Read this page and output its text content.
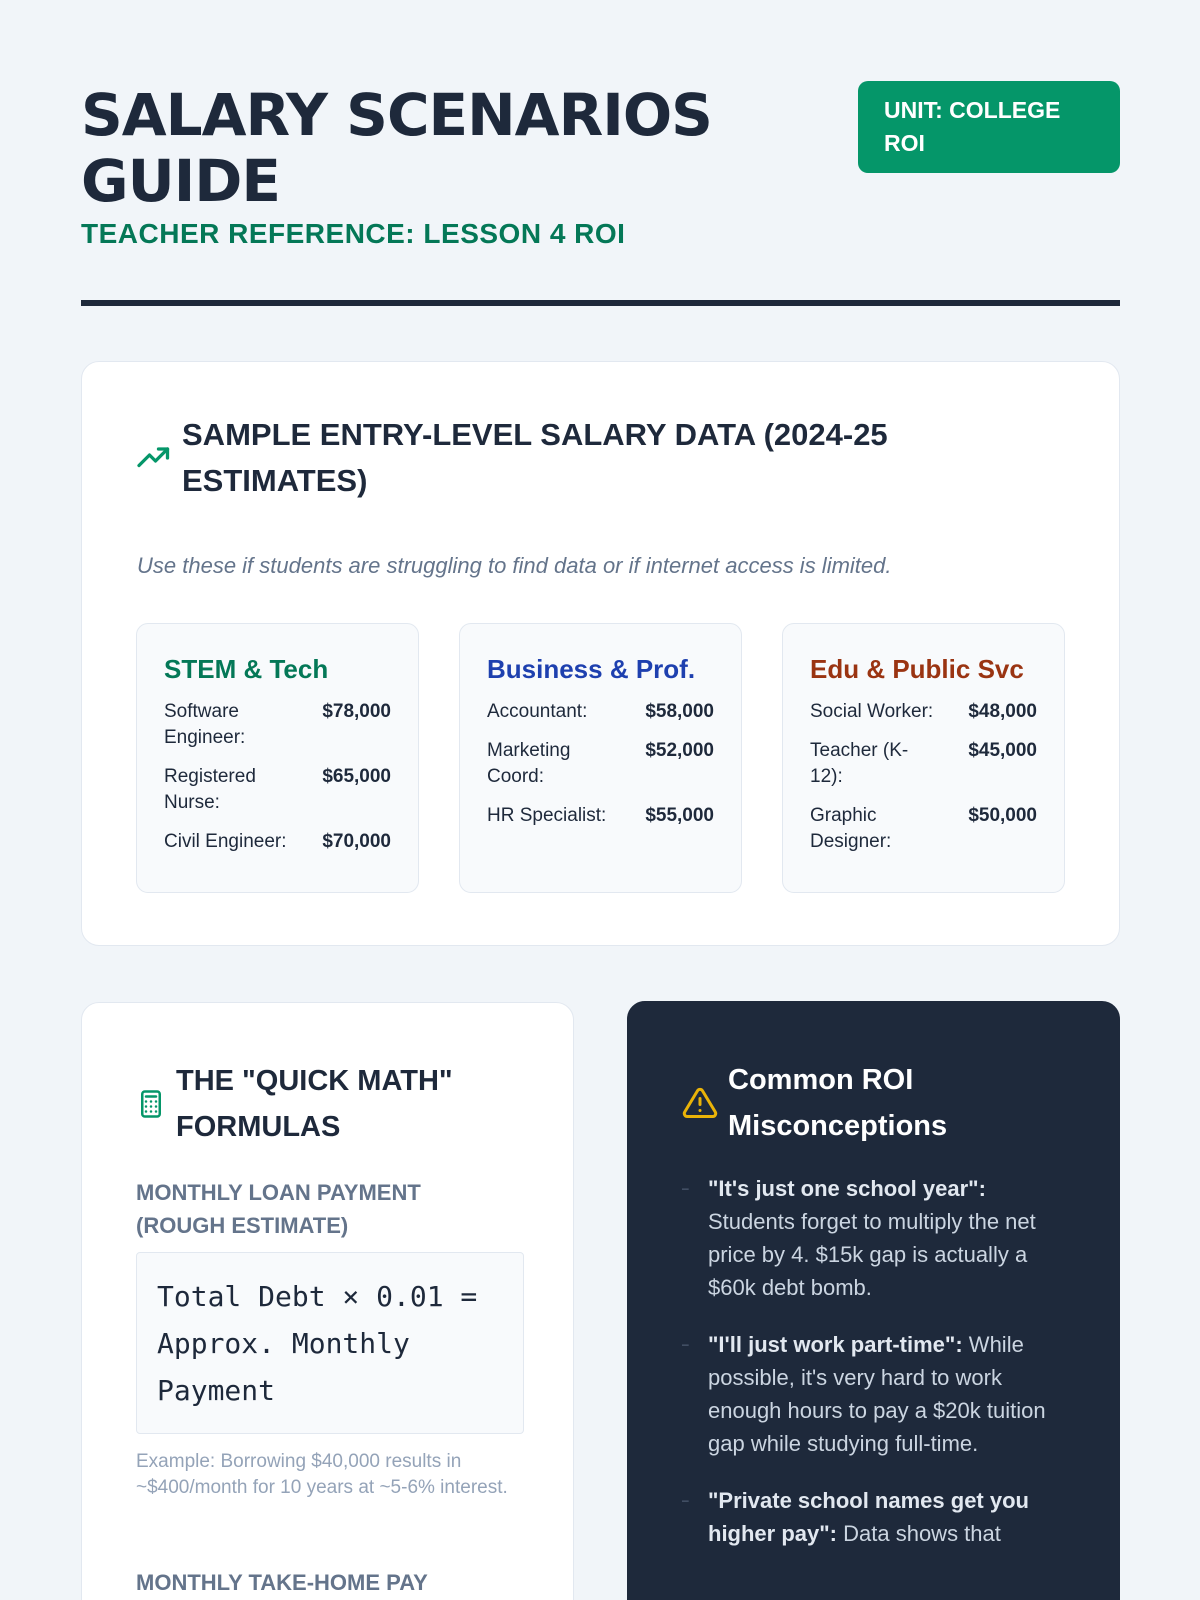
SALARY SCENARIOS GUIDE
TEACHER REFERENCE: LESSON 4 ROI
UNIT: COLLEGE ROI
SAMPLE ENTRY-LEVEL SALARY DATA (2024-25 ESTIMATES)

Use these if students are struggling to find data or if internet access is limited.

STEM & Tech
Software Engineer:
$78,000
Registered Nurse:
$65,000
Civil Engineer: $70,000
Business & Prof.
Accountant:	$58,000
Marketing Coord:
$52,000
HR Specialist: $55,000
Edu & Public Svc
Social Worker: $48,000
Teacher (K-12):
$45,000
Graphic Designer:
$50,000
THE "QUICK MATH" FORMULAS
MONTHLY LOAN PAYMENT (ROUGH ESTIMATE)
Total Debt × 0.01 = Approx. Monthly Payment

Example: Borrowing $40,000 results in ~$400/month for 10 years at ~5-6% interest.

MONTHLY TAKE-HOME PAY
Common ROI Misconceptions
– "It's just one school year": Students forget to multiply the net price by 4. $15k gap is actually a $60k debt bomb.
– "I'll just work part-time": While possible, it's very hard to work enough hours to pay a $20k tuition gap while studying full-time.
– "Private school names get you higher pay": Data shows that
